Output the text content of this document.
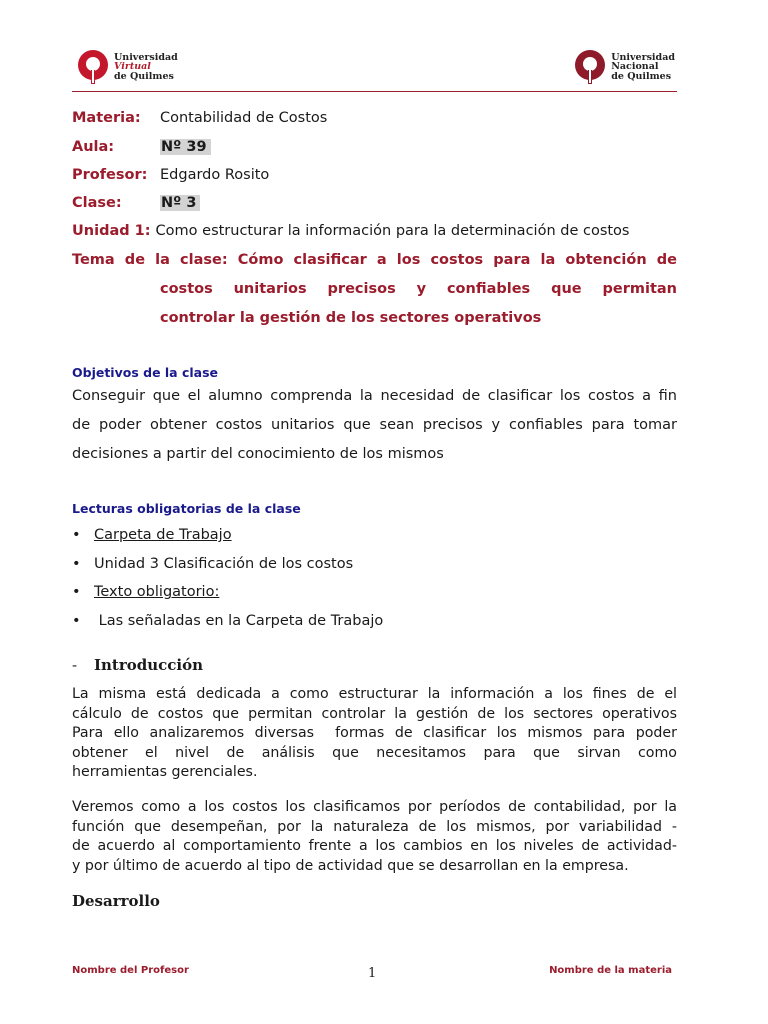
Universidad
Virtual
de Quilmes
Universidad
Nacional
de Quilmes
Materia: Contabilidad de Costos
Aula:	Nº 39
Profesor: Edgardo Rosito
Clase:	Nº 3
Unidad 1: Como estructurar la información para la determinación de costos
Tema de la clase: Cómo clasificar a los costos para la obtención de
costos unitarios precisos y confiables que permitan
controlar la gestión de los sectores operativos
Objetivos de la clase
Conseguir que el alumno comprenda la necesidad de clasificar los costos a fin
de poder obtener costos unitarios que sean precisos y confiables para tomar
decisiones a partir del conocimiento de los mismos
Lecturas obligatorias de la clase
• Carpeta de Trabajo
• Unidad 3 Clasificación de los costos
• Texto obligatorio:
•  Las señaladas en la Carpeta de Trabajo
- Introducción
La misma está dedicada a como estructurar la información a los fines de el
cálculo de costos que permitan controlar la gestión de los sectores operativos
Para ello analizaremos diversas  formas de clasificar los mismos para poder
obtener el nivel de análisis que necesitamos para que sirvan como
herramientas gerenciales.
Veremos como a los costos los clasificamos por períodos de contabilidad, por la
función que desempeñan, por la naturaleza de los mismos, por variabilidad -
de acuerdo al comportamiento frente a los cambios en los niveles de actividad-
y por último de acuerdo al tipo de actividad que se desarrollan en la empresa.
Desarrollo
Nombre del Profesor	1	Nombre de la materia
